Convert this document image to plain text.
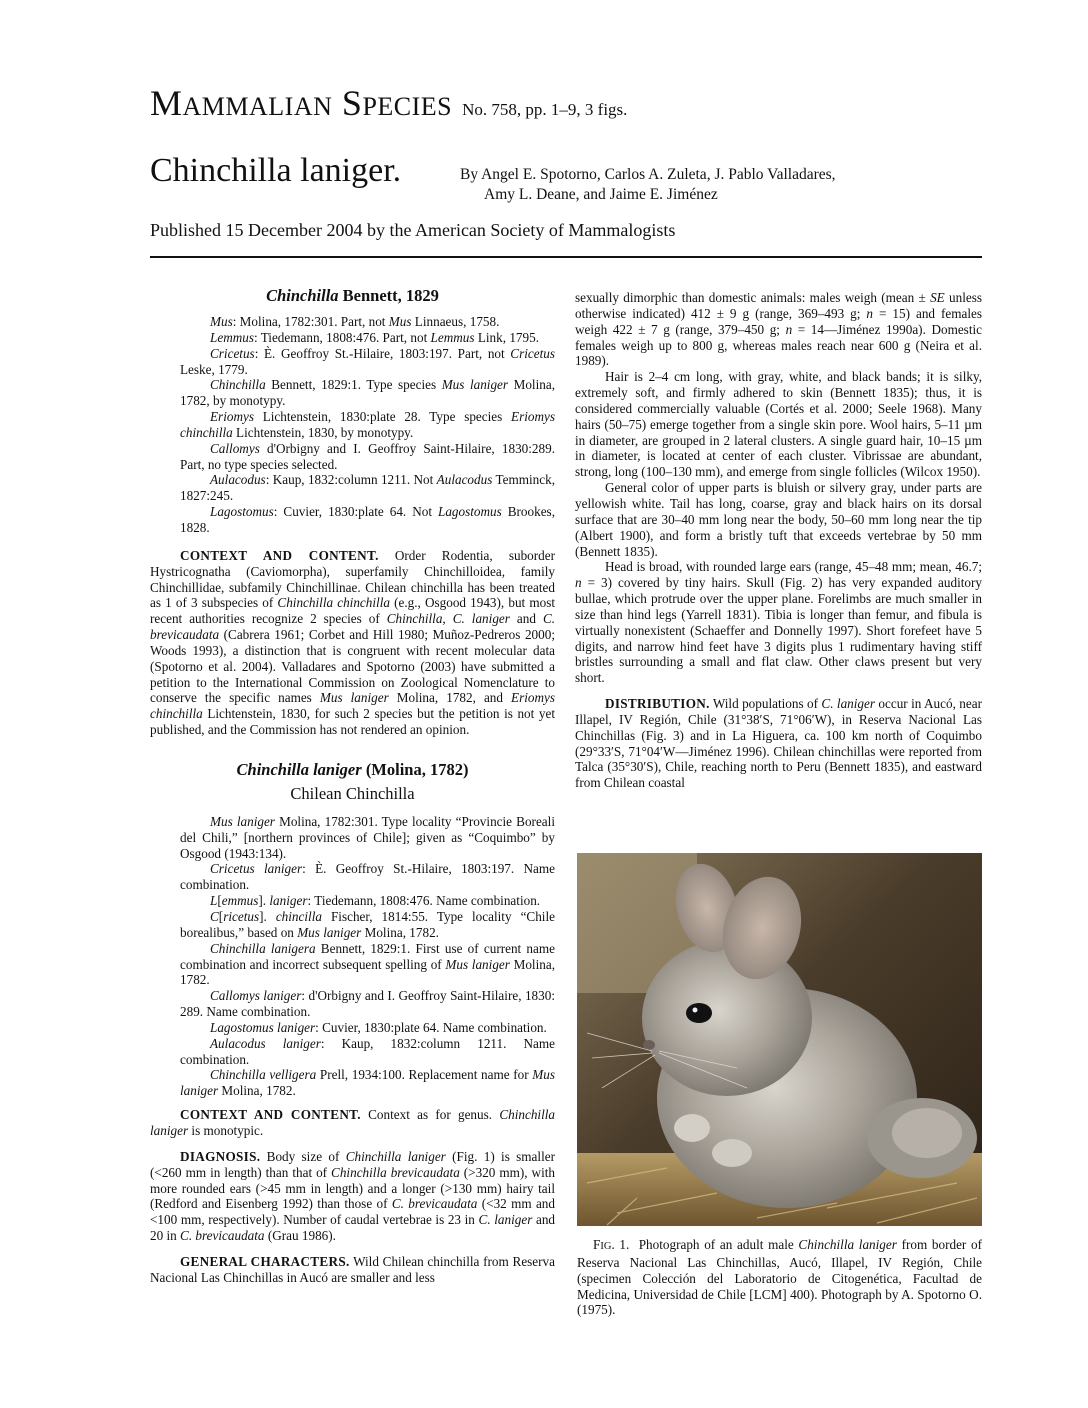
MAMMALIAN SPECIES No. 758, pp. 1–9, 3 figs.
Chinchilla laniger.	By Angel E. Spotorno, Carlos A. Zuleta, J. Pablo Valladares,
Amy L. Deane, and Jaime E. Jiménez
Published 15 December 2004 by the American Society of Mammalogists
Chinchilla Bennett, 1829

Mus: Molina, 1782:301. Part, not Mus Linnaeus, 1758.

Lemmus: Tiedemann, 1808:476. Part, not Lemmus Link, 1795.

Cricetus: È. Geoffroy St.-Hilaire, 1803:197. Part, not Cricetus Leske, 1779.

Chinchilla Bennett, 1829:1. Type species Mus laniger Molina, 1782, by monotypy.

Eriomys Lichtenstein, 1830:plate 28. Type species Eriomys chinchilla Lichtenstein, 1830, by monotypy.

Callomys d'Orbigny and I. Geoffroy Saint-Hilaire, 1830:289. Part, no type species selected.

Aulacodus: Kaup, 1832:column 1211. Not Aulacodus Temminck, 1827:245.

Lagostomus: Cuvier, 1830:plate 64. Not Lagostomus Brookes, 1828.

CONTEXT AND CONTENT. Order Rodentia, suborder Hystricognatha (Caviomorpha), superfamily Chinchilloidea, family Chinchillidae, subfamily Chinchillinae. Chilean chinchilla has been treated as 1 of 3 subspecies of Chinchilla chinchilla (e.g., Osgood 1943), but most recent authorities recognize 2 species of Chinchilla, C. laniger and C. brevicaudata (Cabrera 1961; Corbet and Hill 1980; Muñoz-Pedreros 2000; Woods 1993), a distinction that is congruent with recent molecular data (Spotorno et al. 2004). Valladares and Spotorno (2003) have submitted a petition to the International Commission on Zoological Nomenclature to conserve the specific names Mus laniger Molina, 1782, and Eriomys chinchilla Lichtenstein, 1830, for such 2 species but the petition is not yet published, and the Commission has not rendered an opinion.

Chinchilla laniger (Molina, 1782)
Chilean Chinchilla

Mus laniger Molina, 1782:301. Type locality “Provincie Boreali del Chili,” [northern provinces of Chile]; given as “Coquimbo” by Osgood (1943:134).

Cricetus laniger: È. Geoffroy St.-Hilaire, 1803:197. Name combination.

L[emmus]. laniger: Tiedemann, 1808:476. Name combination.

C[ricetus]. chincilla Fischer, 1814:55. Type locality “Chile borealibus,” based on Mus laniger Molina, 1782.

Chinchilla lanigera Bennett, 1829:1. First use of current name combination and incorrect subsequent spelling of Mus laniger Molina, 1782.

Callomys laniger: d'Orbigny and I. Geoffroy Saint-Hilaire, 1830: 289. Name combination.

Lagostomus laniger: Cuvier, 1830:plate 64. Name combination.

Aulacodus laniger: Kaup, 1832:column 1211. Name combination.

Chinchilla velligera Prell, 1934:100. Replacement name for Mus laniger Molina, 1782.

CONTEXT AND CONTENT. Context as for genus. Chinchilla laniger is monotypic.

DIAGNOSIS. Body size of Chinchilla laniger (Fig. 1) is smaller (<260 mm in length) than that of Chinchilla brevicaudata (>320 mm), with more rounded ears (>45 mm in length) and a longer (>130 mm) hairy tail (Redford and Eisenberg 1992) than those of C. brevicaudata (<32 mm and <100 mm, respectively). Number of caudal vertebrae is 23 in C. laniger and 20 in C. brevicaudata (Grau 1986).

GENERAL CHARACTERS. Wild Chilean chinchilla from Reserva Nacional Las Chinchillas in Aucó are smaller and less

sexually dimorphic than domestic animals: males weigh (mean ± SE unless otherwise indicated) 412 ± 9 g (range, 369–493 g; n = 15) and females weigh 422 ± 7 g (range, 379–450 g; n = 14—Jiménez 1990a). Domestic females weigh up to 800 g, whereas males reach near 600 g (Neira et al. 1989).

Hair is 2–4 cm long, with gray, white, and black bands; it is silky, extremely soft, and firmly adhered to skin (Bennett 1835); thus, it is considered commercially valuable (Cortés et al. 2000; Seele 1968). Many hairs (50–75) emerge together from a single skin pore. Wool hairs, 5–11 µm in diameter, are grouped in 2 lateral clusters. A single guard hair, 10–15 µm in diameter, is located at center of each cluster. Vibrissae are abundant, strong, long (100–130 mm), and emerge from single follicles (Wilcox 1950).

General color of upper parts is bluish or silvery gray, under parts are yellowish white. Tail has long, coarse, gray and black hairs on its dorsal surface that are 30–40 mm long near the body, 50–60 mm long near the tip (Albert 1900), and form a bristly tuft that exceeds vertebrae by 50 mm (Bennett 1835).

Head is broad, with rounded large ears (range, 45–48 mm; mean, 46.7; n = 3) covered by tiny hairs. Skull (Fig. 2) has very expanded auditory bullae, which protrude over the upper plane. Forelimbs are much smaller in size than hind legs (Yarrell 1831). Tibia is longer than femur, and fibula is virtually nonexistent (Schaeffer and Donnelly 1997). Short forefeet have 5 digits, and narrow hind feet have 3 digits plus 1 rudimentary having stiff bristles surrounding a small and flat claw. Other claws present but very short.

DISTRIBUTION. Wild populations of C. laniger occur in Aucó, near Illapel, IV Región, Chile (31°38′S, 71°06′W), in Reserva Nacional Las Chinchillas (Fig. 3) and in La Higuera, ca. 100 km north of Coquimbo (29°33′S, 71°04′W—Jiménez 1996). Chilean chinchillas were reported from Talca (35°30′S), Chile, reaching north to Peru (Bennett 1835), and eastward from Chilean coastal

FIG. 1. Photograph of an adult male Chinchilla laniger from border of Reserva Nacional Las Chinchillas, Aucó, Illapel, IV Región, Chile (specimen Colección del Laboratorio de Citogenética, Facultad de Medicina, Universidad de Chile [LCM] 400). Photograph by A. Spotorno O. (1975).
